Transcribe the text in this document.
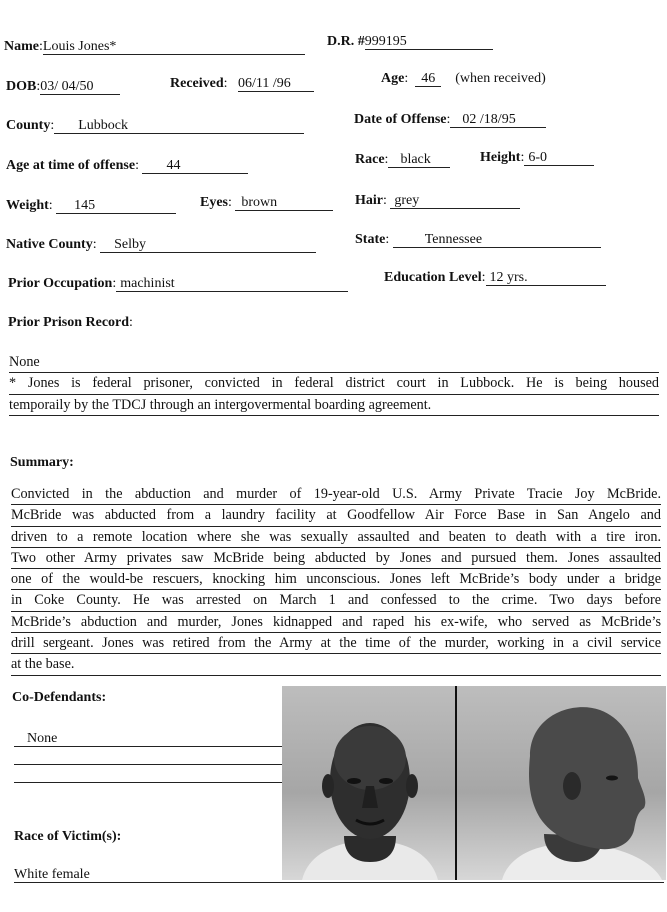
Name:Louis Jones*	D.R. #999195
DOB:03/ 04/50	Received:   06/11 /96	Age:  46 (when received)
County: Lubbock	Date of Offense: 02 /18/95
Age at time of offense: 44	Race: black	Height: 6-0
Weight: 145	Eyes: brown	Hair: grey
Native County: Selby	State: Tennessee
Prior Occupation: machinist	Education Level: 12 yrs.
Prior Prison Record:
None
* Jones is federal prisoner, convicted in federal district court in Lubbock. He is being housed
temporaily by the TDCJ through an intergovermental boarding agreement.
Summary:
Convicted in the abduction and murder of 19-year-old U.S. Army Private Tracie Joy McBride.
McBride was abducted from a laundry facility at Goodfellow Air Force Base in San Angelo and
driven to a remote location where she was sexually assaulted and beaten to death with a tire iron.
Two other Army privates saw McBride being abducted by Jones and pursued them. Jones assaulted
one of the would-be rescuers, knocking him unconscious. Jones left McBride’s body under a bridge
in Coke County. He was arrested on March 1 and confessed to the crime. Two days before
McBride’s abduction and murder, Jones kidnapped and raped his ex-wife, who served as McBride’s
drill sergeant. Jones was retired from the Army at the time of the murder, working in a civil service
at the base.
Co-Defendants:
None
Race of Victim(s):
White female
